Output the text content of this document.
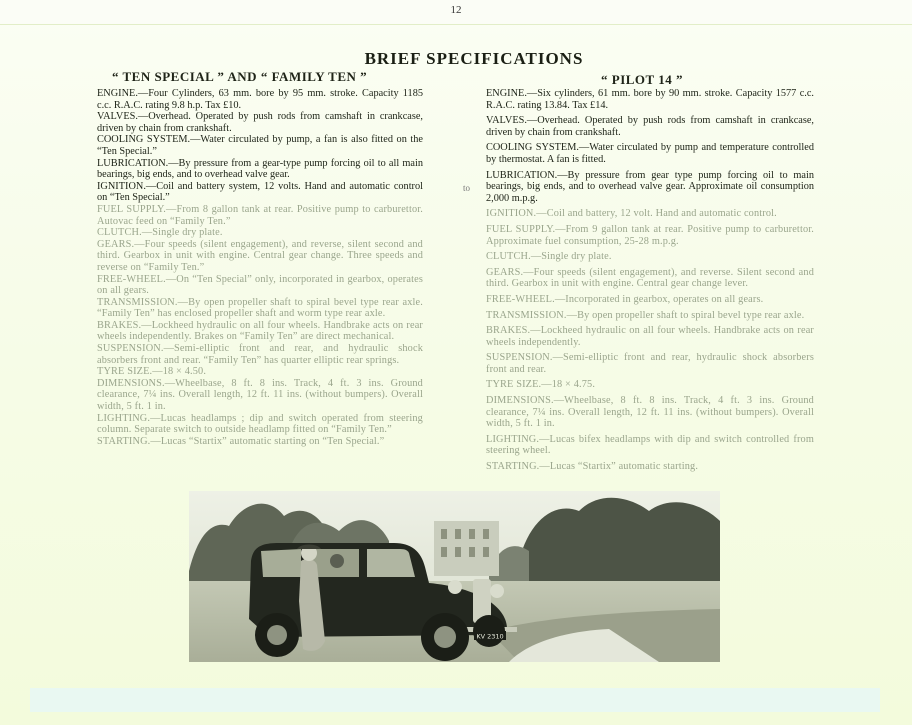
12
BRIEF SPECIFICATIONS
“ TEN SPECIAL ” AND “ FAMILY TEN ”	“ PILOT 14 ”
to

ENGINE.—Four Cylinders, 63 mm. bore by 95 mm. stroke. Capacity 1185 c.c. R.A.C. rating 9.8 h.p. Tax £10.

VALVES.—Overhead. Operated by push rods from camshaft in crankcase, driven by chain from crankshaft.

COOLING SYSTEM.—Water circulated by pump, a fan is also fitted on the “Ten Special.”

LUBRICATION.—By pressure from a gear-type pump forcing oil to all main bearings, big ends, and to overhead valve gear.

IGNITION.—Coil and battery system, 12 volts. Hand and automatic control on “Ten Special.”

FUEL SUPPLY.—From 8 gallon tank at rear. Positive pump to carburettor. Autovac feed on “Family Ten.”

CLUTCH.—Single dry plate.

GEARS.—Four speeds (silent engagement), and reverse, silent second and third. Gearbox in unit with engine. Central gear change. Three speeds and reverse on “Family Ten.”

FREE-WHEEL.—On “Ten Special” only, incorporated in gearbox, operates on all gears.

TRANSMISSION.—By open propeller shaft to spiral bevel type rear axle. “Family Ten” has enclosed propeller shaft and worm type rear axle.

BRAKES.—Lockheed hydraulic on all four wheels. Handbrake acts on rear wheels independently. Brakes on “Family Ten” are direct mechanical.

SUSPENSION.—Semi-elliptic front and rear, and hydraulic shock absorbers front and rear. “Family Ten” has quarter elliptic rear springs.

TYRE SIZE.—18 × 4.50.

DIMENSIONS.—Wheelbase, 8 ft. 8 ins. Track, 4 ft. 3 ins. Ground clearance, 7¼ ins. Overall length, 12 ft. 11 ins. (without bumpers). Overall width, 5 ft. 1 in.

LIGHTING.—Lucas headlamps ; dip and switch operated from steering column. Separate switch to outside headlamp fitted on “Family Ten.”

STARTING.—Lucas “Startix” automatic starting on “Ten Special.”

ENGINE.—Six cylinders, 61 mm. bore by 90 mm. stroke. Capacity 1577 c.c. R.A.C. rating 13.84. Tax £14.

VALVES.—Overhead. Operated by push rods from camshaft in crankcase, driven by chain from crankshaft.

COOLING SYSTEM.—Water circulated by pump and temperature controlled by thermostat. A fan is fitted.

LUBRICATION.—By pressure from gear type pump forcing oil to main bearings, big ends, and to overhead valve gear. Approximate oil consumption 2,000 m.p.g.

IGNITION.—Coil and battery, 12 volt. Hand and automatic control.

FUEL SUPPLY.—From 9 gallon tank at rear. Positive pump to carburettor. Approximate fuel consumption, 25-28 m.p.g.

CLUTCH.—Single dry plate.

GEARS.—Four speeds (silent engagement), and reverse. Silent second and third. Gearbox in unit with engine. Central gear change lever.

FREE-WHEEL.—Incorporated in gearbox, operates on all gears.

TRANSMISSION.—By open propeller shaft to spiral bevel type rear axle.

BRAKES.—Lockheed hydraulic on all four wheels. Handbrake acts on rear wheels independently.

SUSPENSION.—Semi-elliptic front and rear, hydraulic shock absorbers front and rear.

TYRE SIZE.—18 × 4.75.

DIMENSIONS.—Wheelbase, 8 ft. 8 ins. Track, 4 ft. 3 ins. Ground clearance, 7¼ ins. Overall length, 12 ft. 11 ins. (without bumpers). Overall width, 5 ft. 1 in.

LIGHTING.—Lucas bifex headlamps with dip and switch controlled from steering wheel.

STARTING.—Lucas “Startix” automatic starting.

KV 2310
